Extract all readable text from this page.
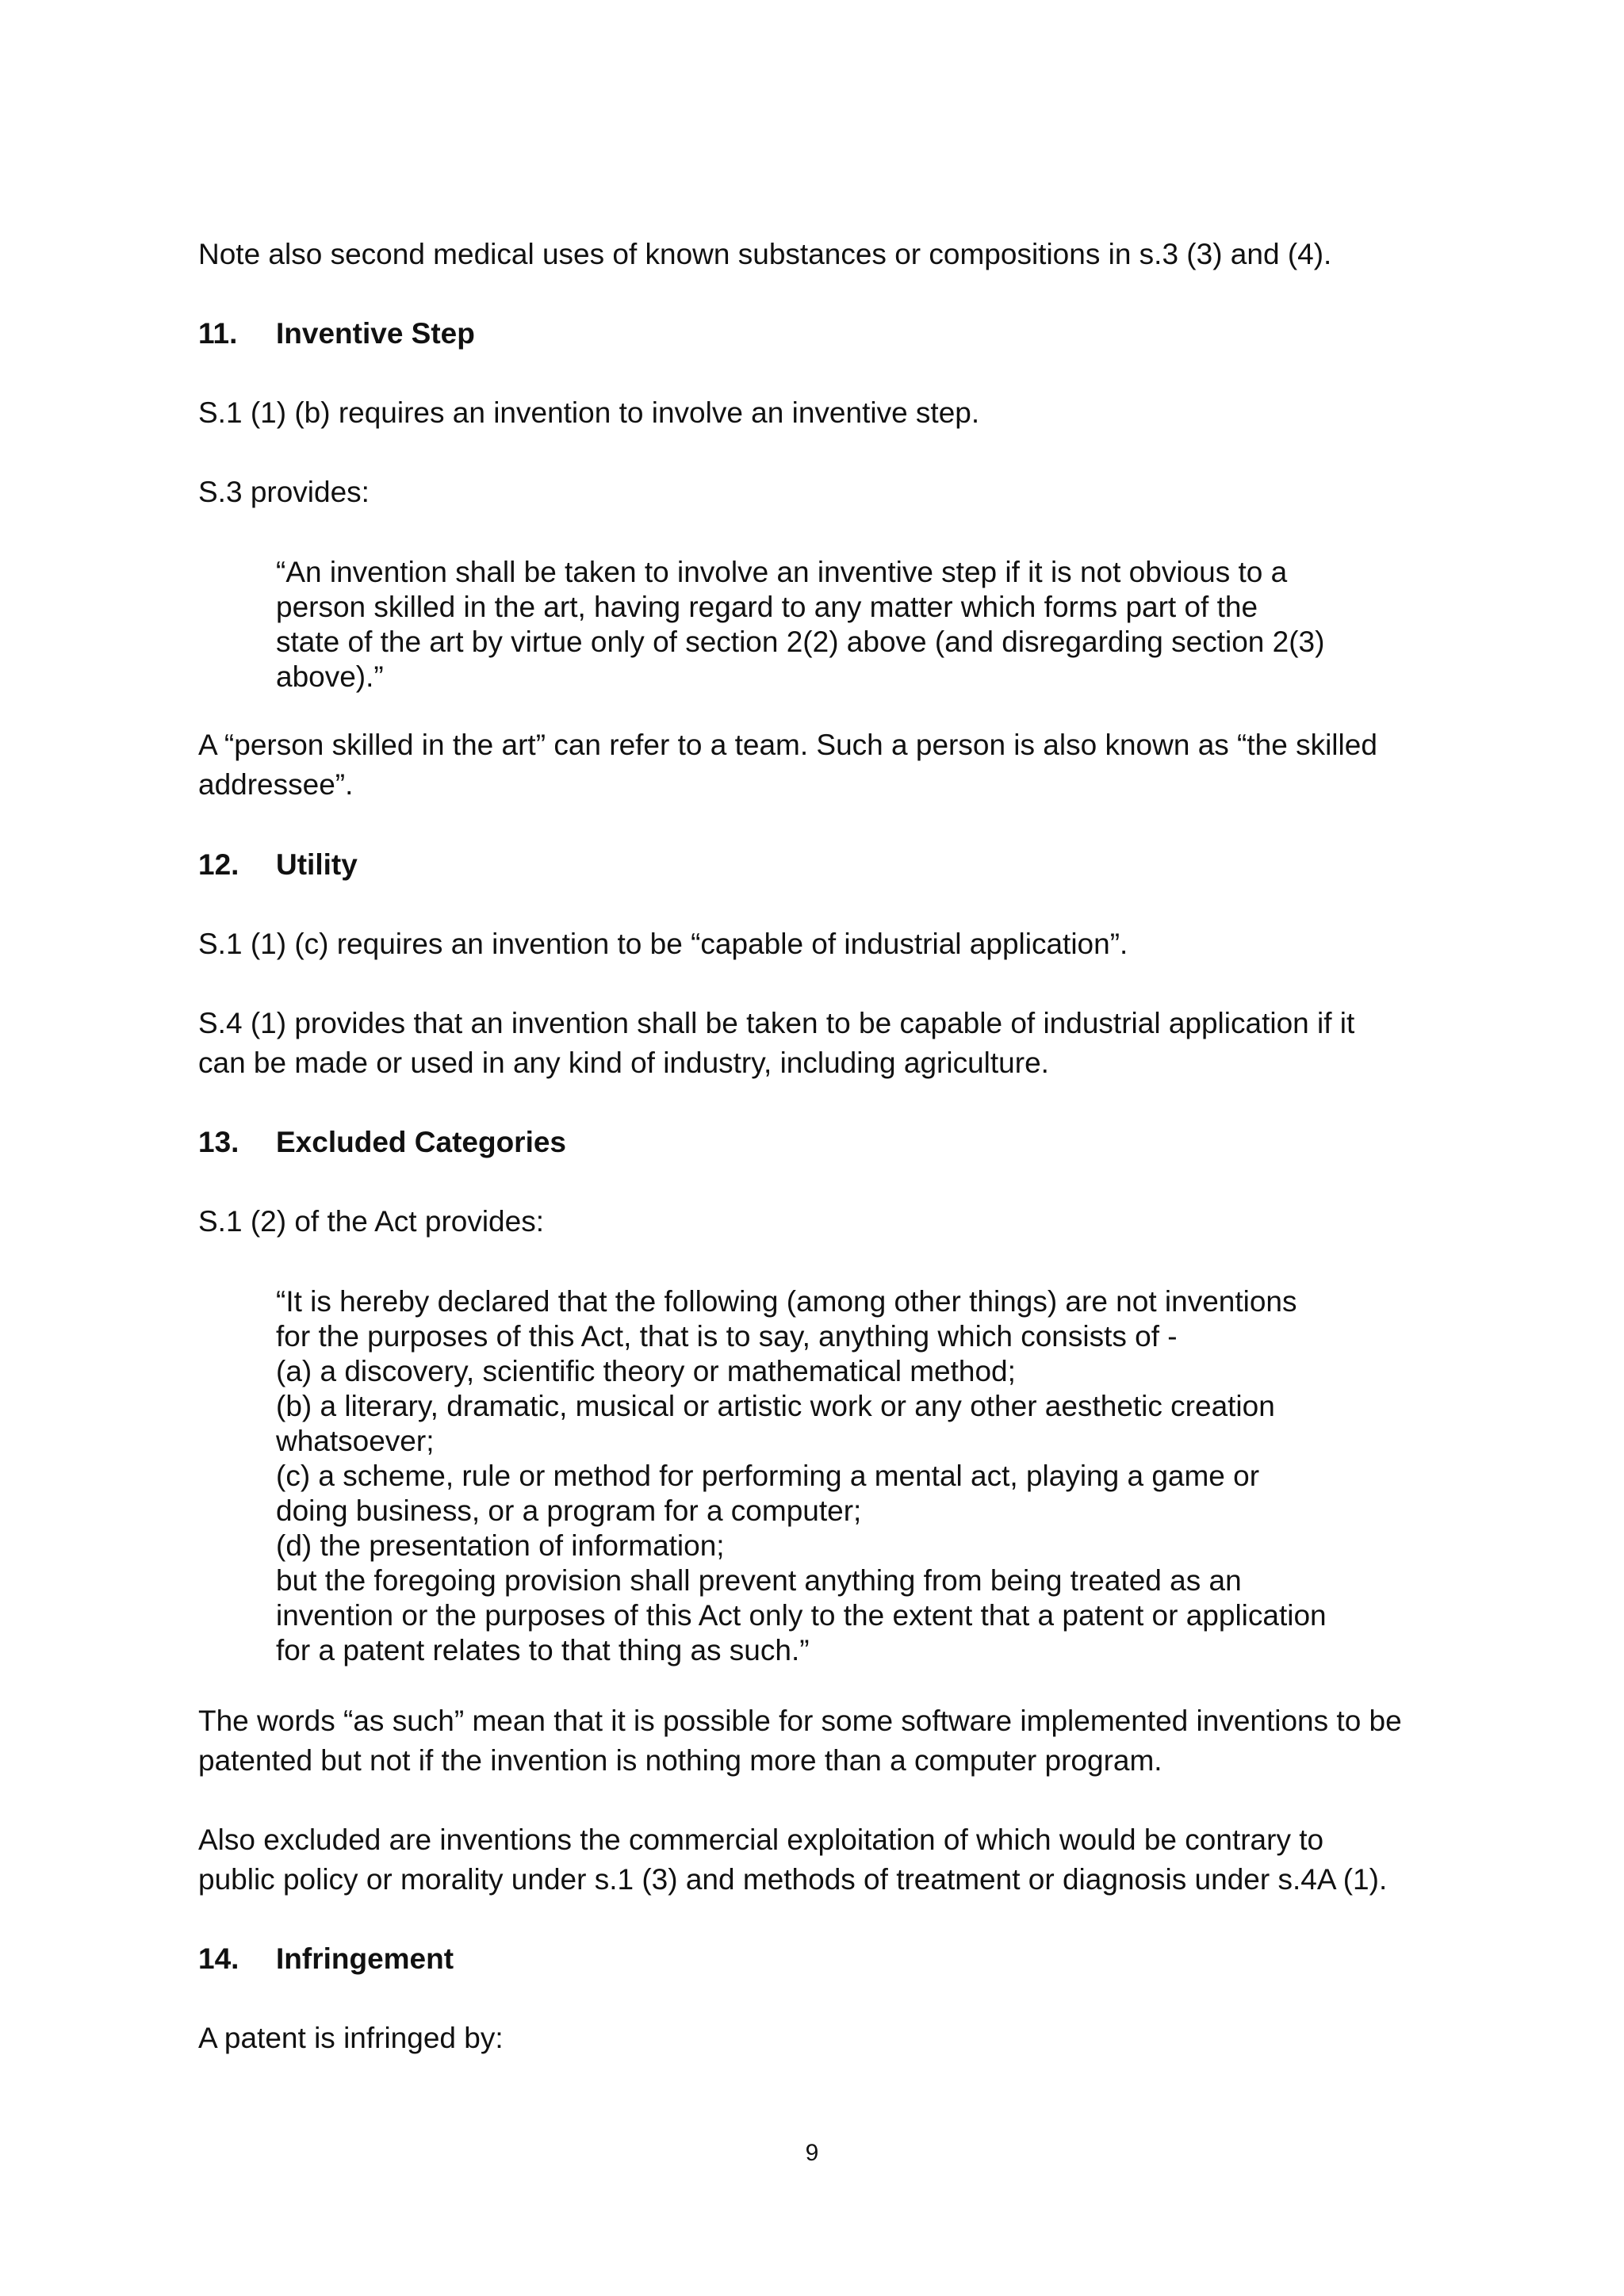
Note also second medical uses of known substances or compositions in s.3 (3) and (4).

11. Inventive Step

S.1 (1) (b) requires an invention to involve an inventive step.

S.3 provides:

“An invention shall be taken to involve an inventive step if it is not obvious to a
person skilled in the art, having regard to any matter which forms part of the
state of the art by virtue only of section 2(2) above (and disregarding section 2(3)
above).”
A “person skilled in the art” can refer to a team. Such a person is also known as “the skilled
addressee”.
12. Utility

S.1 (1) (c) requires an invention to be “capable of industrial application”.

S.4 (1) provides that an invention shall be taken to be capable of industrial application if it
can be made or used in any kind of industry, including agriculture.
13. Excluded Categories

S.1 (2) of the Act provides:

“It is hereby declared that the following (among other things) are not inventions
for the purposes of this Act, that is to say, anything which consists of -
(a) a discovery, scientific theory or mathematical method;
(b) a literary, dramatic, musical or artistic work or any other aesthetic creation
whatsoever;
(c) a scheme, rule or method for performing a mental act, playing a game or
doing business, or a program for a computer;
(d) the presentation of information;
but the foregoing provision shall prevent anything from being treated as an
invention or the purposes of this Act only to the extent that a patent or application
for a patent relates to that thing as such.”
The words “as such” mean that it is possible for some software implemented inventions to be
patented but not if the invention is nothing more than a computer program.
Also excluded are inventions the commercial exploitation of which would be contrary to
public policy or morality under s.1 (3) and methods of treatment or diagnosis under s.4A (1).
14. Infringement

A patent is infringed by:

9
